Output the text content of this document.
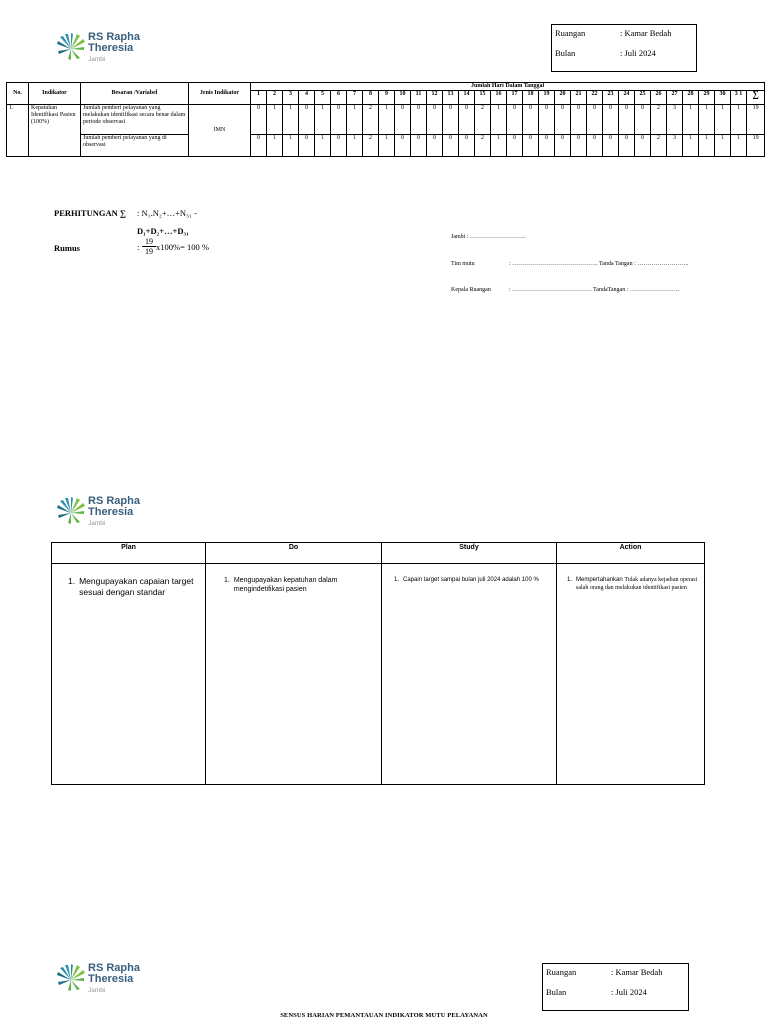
RS Rapha
Theresia
Jambi
Ruangan	: Kamar Bedah
Bulan	: Juli 2024
No.	Indikator	Besaran /Variabel	Jenis Indikator	Jumlah Hari Dalam Tanggal																															
				1	2	3	4	5	6	7	8	9	10	11	12	13	14	15	16	17	18	19	20	21	22	23	24	25	26	27	28	29	30	3 1	∑
1.	Kepatuhan Identifikasi Pasien (100%)	Jumlah pemberi pelayanan yang melakukan identifikasi secara benar dalam periode observasi	IMN	0	1	1	0	1	0	1	2	1	0	0	0	0	0	2	1	0	0	0	0	0	0	0	0	0	2	3	1	1	1	1	19
		Jumlah pemberi pelayanan yang di observasi		0	1	1	0	1	0	1	2	1	0	0	0	0	0	2	1	0	0	0	0	0	0	0	0	0	2	3	1	1	1	1	19
PERHITUNGAN ∑ : N₁.N₂+…+N₃₁ -
D₁+D₂+…+D₃₁
Rumus	: $\frac{19}{19} x100\%= 100$ %
Jambi : ……………………….
Tim mutu	: ……………………………………. Tanda Tangan : ……………………..
Kepala Ruangan	: …………………………………. TandaTangan : …………………….
RS Rapha
Theresia
Jambi
Plan	Do	Study	Action

1. Mengupayakan capaian target sesuai dengan standar	1. Mengupayakan kepatuhan dalam mengindetifikasi pasien	1. Capain target sampai bulan juli 2024 adalah 100 %	1. Mempertahankan Tidak adanya kejadian operasi salah orang dan melakukan identifikasi pasien
RS Rapha
Theresia
Jambi
Ruangan	: Kamar Bedah
Bulan	: Juli 2024
SENSUS HARIAN PEMANTAUAN INDIKATOR MUTU PELAYANAN
